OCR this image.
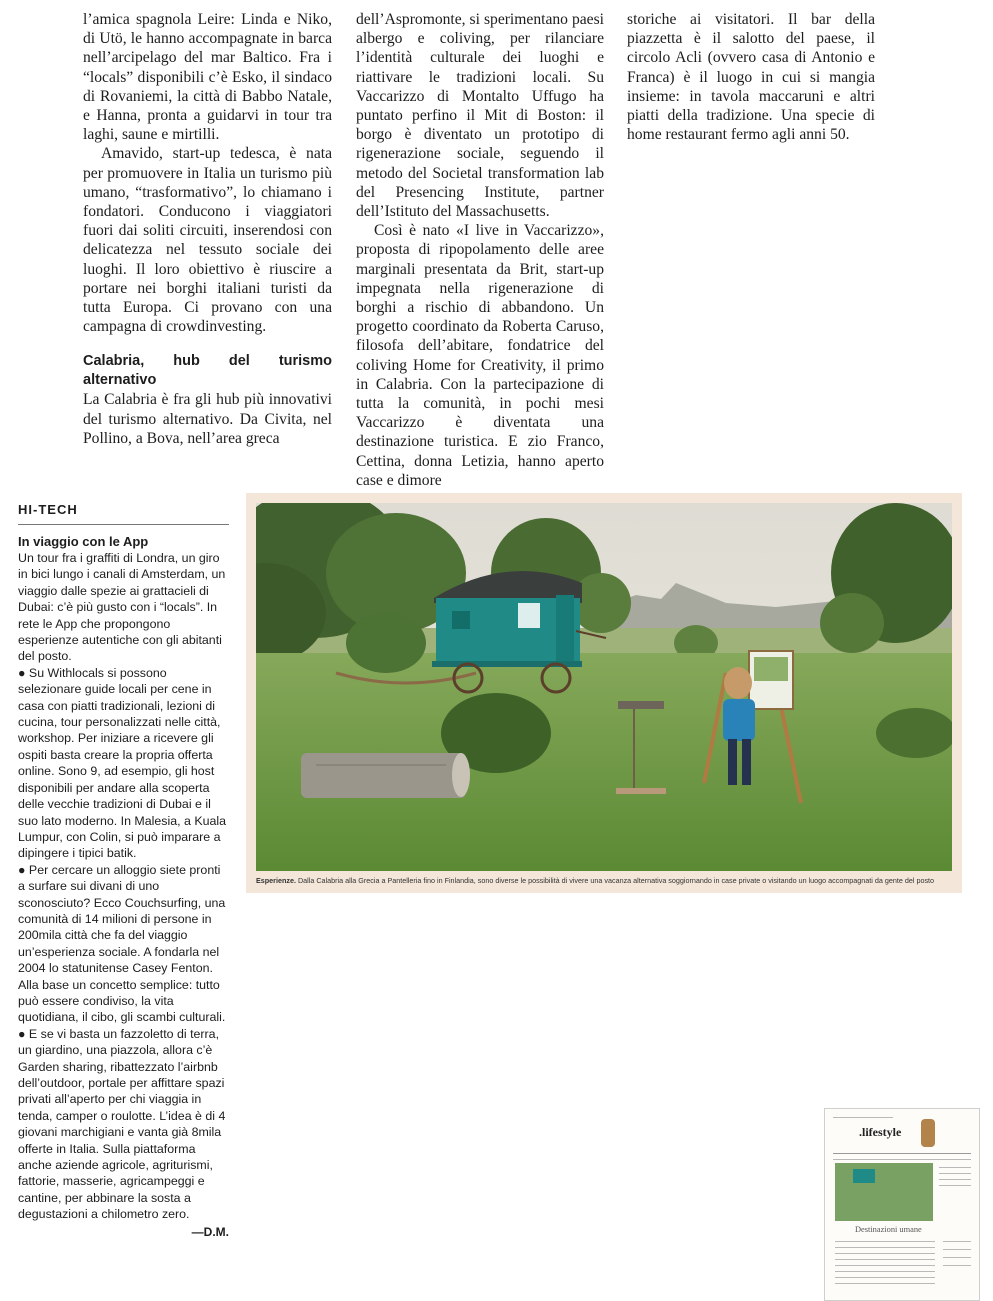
l’amica spagnola Leire: Linda e Niko, di Utö, le hanno accompagnate in barca nell’arcipelago del mar Baltico. Fra i “locals” disponibili c’è Esko, il sindaco di Rovaniemi, la città di Babbo Natale, e Hanna, pronta a guidarvi in tour tra laghi, saune e mirtilli.

Amavido, start-up tedesca, è nata per promuovere in Italia un turismo più umano, “trasformativo”, lo chiamano i fondatori. Conducono i viaggiatori fuori dai soliti circuiti, inserendosi con delicatezza nel tessuto sociale dei luoghi. Il loro obiettivo è riuscire a portare nei borghi italiani turisti da tutta Europa. Ci provano con una campagna di crowdinvesting.

Calabria, hub del turismo alternativo

La Calabria è fra gli hub più innovativi del turismo alternativo. Da Civita, nel Pollino, a Bova, nell’area greca

dell’Aspromonte, si sperimentano paesi albergo e coliving, per rilanciare l’identità culturale dei luoghi e riattivare le tradizioni locali. Su Vaccarizzo di Montalto Uffugo ha puntato perfino il Mit di Boston: il borgo è diventato un prototipo di rigenerazione sociale, seguendo il metodo del Societal transformation lab del Presencing Institute, partner dell’Istituto del Massachusetts.

Così è nato «I live in Vaccarizzo», proposta di ripopolamento delle aree marginali presentata da Brit, start-up impegnata nella rigenerazione di borghi a rischio di abbandono. Un progetto coordinato da Roberta Caruso, filosofa dell’abitare, fondatrice del coliving Home for Creativity, il primo in Calabria. Con la partecipazione di tutta la comunità, in pochi mesi Vaccarizzo è diventata una destinazione turistica. E zio Franco, Cettina, donna Letizia, hanno aperto case e dimore

storiche ai visitatori. Il bar della piazzetta è il salotto del paese, il circolo Acli (ovvero casa di Antonio e Franca) è il luogo in cui si mangia insieme: in tavola maccaruni e altri piatti della tradizione. Una specie di home restaurant fermo agli anni 50.

HI-TECH
In viaggio con le App

Un tour fra i graffiti di Londra, un giro in bici lungo i canali di Amsterdam, un viaggio dalle spezie ai grattacieli di Dubai: c’è più gusto con i “locals”. In rete le App che propongono esperienze autentiche con gli abitanti del posto.

● Su Withlocals si possono selezionare guide locali per cene in casa con piatti tradizionali, lezioni di cucina, tour personalizzati nelle città, workshop. Per iniziare a ricevere gli ospiti basta creare la propria offerta online. Sono 9, ad esempio, gli host disponibili per andare alla scoperta delle vecchie tradizioni di Dubai e il suo lato moderno. In Malesia, a Kuala Lumpur, con Colin, si può imparare a dipingere i tipici batik.

● Per cercare un alloggio siete pronti a surfare sui divani di uno sconosciuto? Ecco Couchsurfing, una comunità di 14 milioni di persone in 200mila città che fa del viaggio un’esperienza sociale. A fondarla nel 2004 lo statunitense Casey Fenton. Alla base un concetto semplice: tutto può essere condiviso, la vita quotidiana, il cibo, gli scambi culturali.

● E se vi basta un fazzoletto di terra, un giardino, una piazzola, allora c’è Garden sharing, ribattezzato l’airbnb dell’outdoor, portale per affittare spazi privati all’aperto per chi viaggia in tenda, camper o roulotte. L’idea è di 4 giovani marchigiani e vanta già 8mila offerte in Italia. Sulla piattaforma anche aziende agricole, agriturismi, fattorie, masserie, agricampeggi e cantine, per abbinare la sosta a degustazioni a chilometro zero.

—D.M.
Esperienze. Dalla Calabria alla Grecia a Pantelleria fino in Finlandia, sono diverse le possibilità di vivere una vacanza alternativa soggiornando in case private o visitando un luogo accompagnati da gente del posto
.lifestyle
Destinazioni umane
